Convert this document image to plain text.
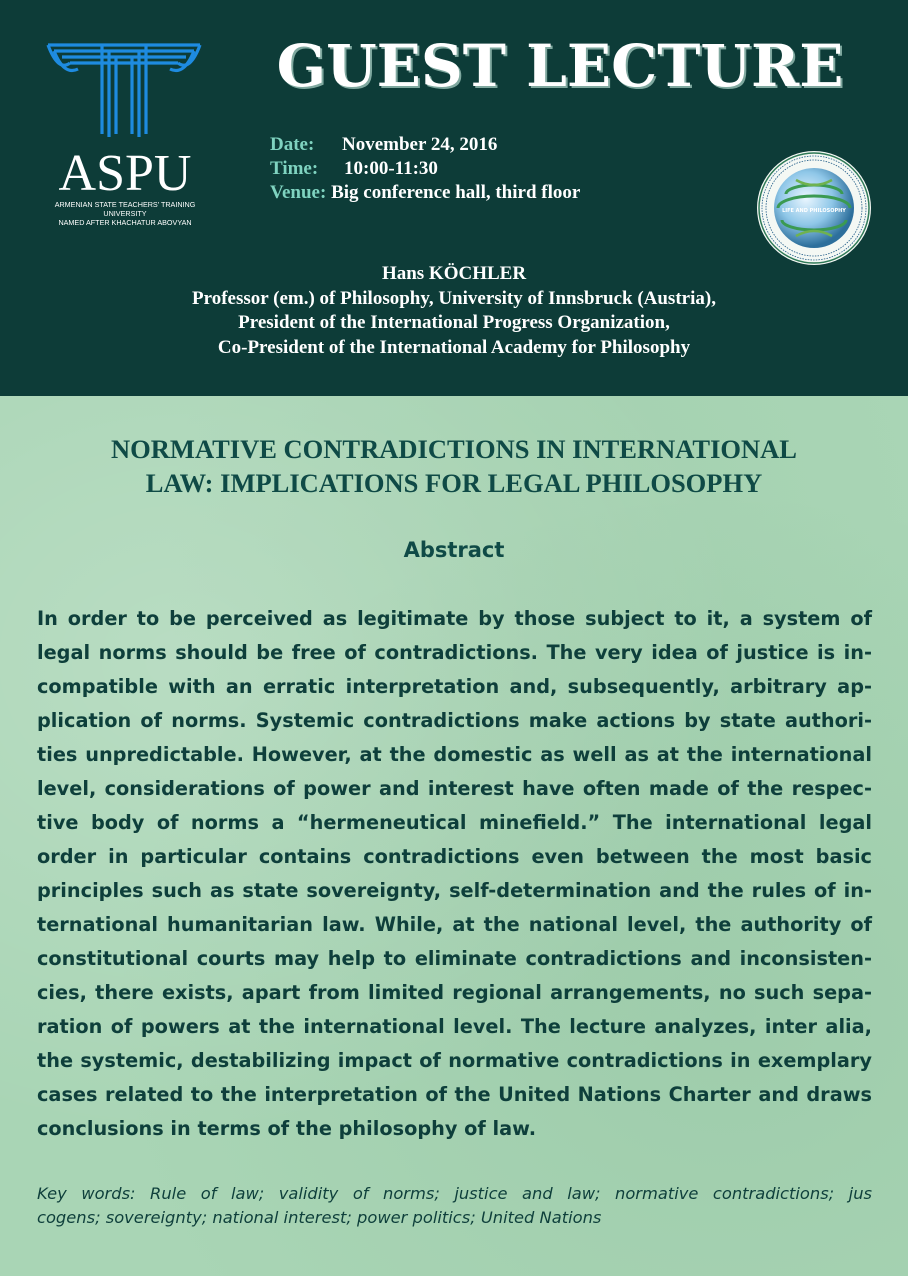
ASPU
ARMENIAN STATE TEACHERS' TRAINING UNIVERSITY
NAMED AFTER KHACHATUR ABOVYAN
GUEST LECTURE
Date: November 24, 2016
Time: 10:00-11:30
Venue: Big conference hall, third floor
LIFE AND PHILOSOPHY
Hans KÖCHLER
Professor (em.) of Philosophy, University of Innsbruck (Austria),
President of the International Progress Organization,
Co-President of the International Academy for Philosophy
NORMATIVE CONTRADICTIONS IN INTERNATIONAL
LAW: IMPLICATIONS FOR LEGAL PHILOSOPHY
Abstract
In order to be perceived as legitimate by those subject to it, a system of
legal norms should be free of contradictions. The very idea of justice is in-
compatible with an erratic interpretation and, subsequently, arbitrary ap-
plication of norms. Systemic contradictions make actions by state authori-
ties unpredictable. However, at the domestic as well as at the international
level, considerations of power and interest have often made of the respec-
tive body of norms a “hermeneutical minefield.” The international legal
order in particular contains contradictions even between the most basic
principles such as state sovereignty, self-determination and the rules of in-
ternational humanitarian law. While, at the national level, the authority of
constitutional courts may help to eliminate contradictions and inconsisten-
cies, there exists, apart from limited regional arrangements, no such sepa-
ration of powers at the international level. The lecture analyzes, inter alia,
the systemic, destabilizing impact of normative contradictions in exemplary
cases related to the interpretation of the United Nations Charter and draws
conclusions in terms of the philosophy of law.
Key words: Rule of law; validity of norms; justice and law; normative contradictions; jus
cogens; sovereignty; national interest; power politics; United Nations
